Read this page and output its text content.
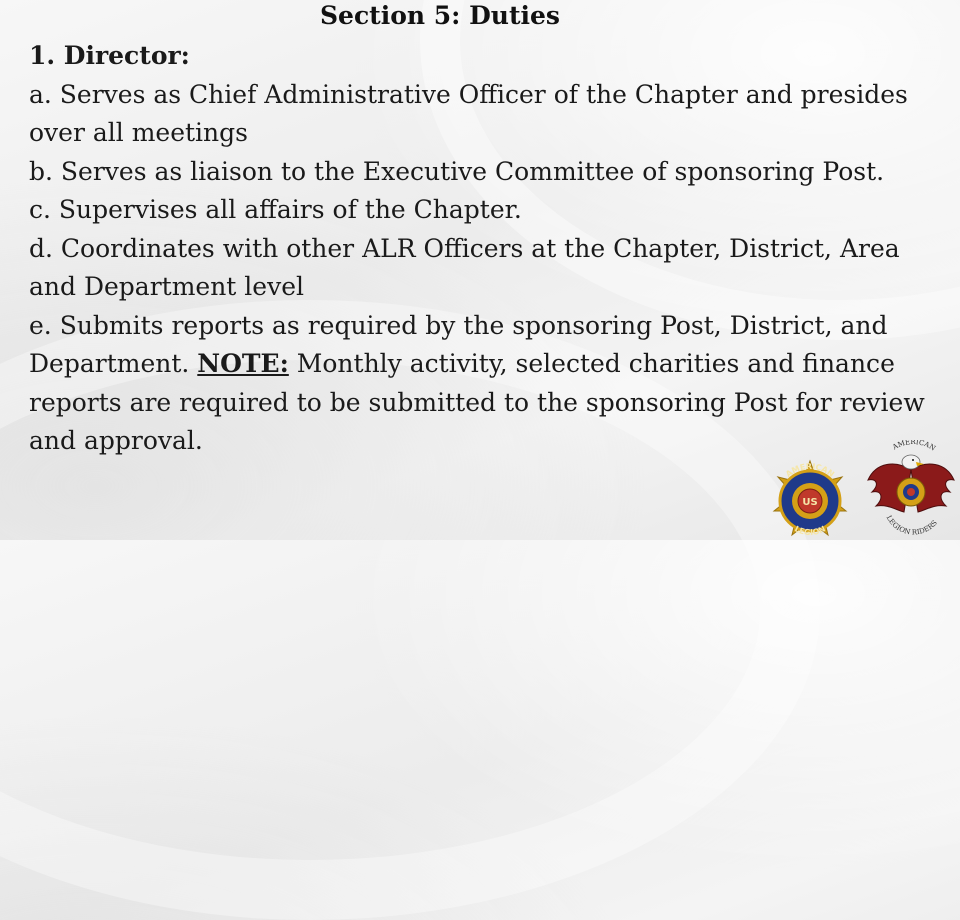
Section 5: Duties

1. Director:

a. Serves as Chief Administrative Officer of the Chapter and presides over all meetings

b. Serves as liaison to the Executive Committee of sponsoring Post.

c. Supervises all affairs of the Chapter.

d. Coordinates with other ALR Officers at the Chapter, District, Area and Department level

e. Submits reports as required by the sponsoring Post, District, and Department. NOTE: Monthly activity, selected charities and finance reports are required to be submitted to the sponsoring Post for review and approval.

US
AMERICAN
LEGION
AMERICAN
LEGION RIDERS
